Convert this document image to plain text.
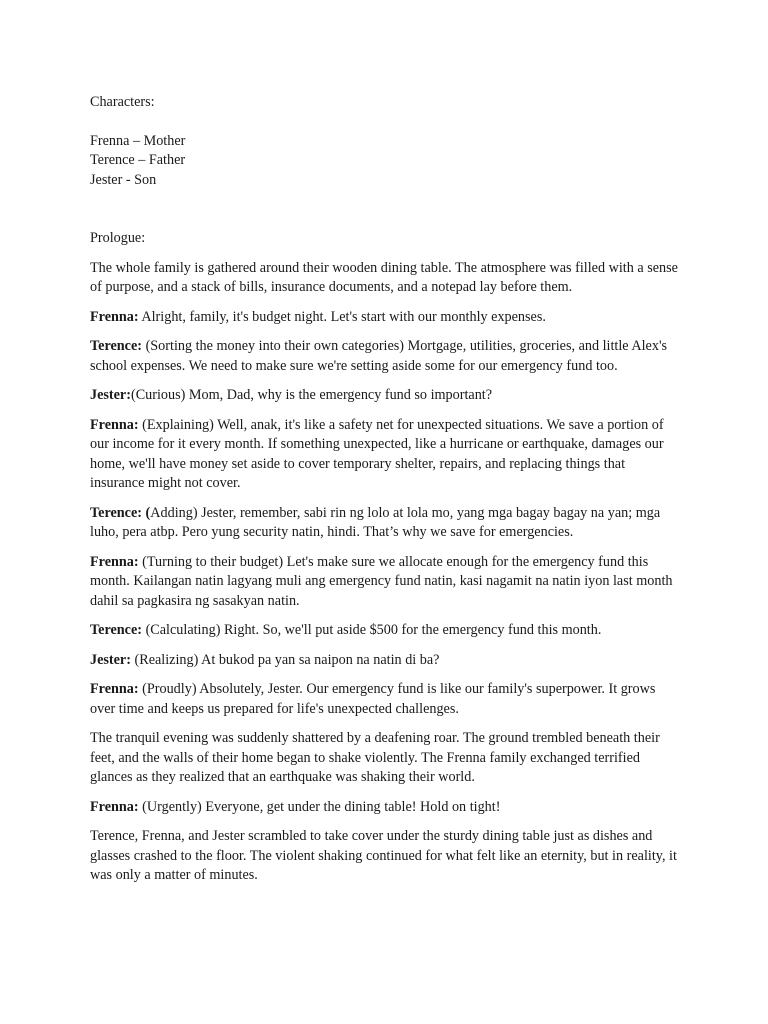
Characters:

Frenna – Mother

Terence – Father

Jester - Son

Prologue:

The whole family is gathered around their wooden dining table. The atmosphere was filled with a sense of purpose, and a stack of bills, insurance documents, and a notepad lay before them.

Frenna: Alright, family, it's budget night. Let's start with our monthly expenses.

Terence: (Sorting the money into their own categories) Mortgage, utilities, groceries, and little Alex's school expenses. We need to make sure we're setting aside some for our emergency fund too.

Jester:(Curious) Mom, Dad, why is the emergency fund so important?

Frenna: (Explaining) Well, anak, it's like a safety net for unexpected situations. We save a portion of our income for it every month. If something unexpected, like a hurricane or earthquake, damages our home, we'll have money set aside to cover temporary shelter, repairs, and replacing things that insurance might not cover.

Terence: (Adding) Jester, remember, sabi rin ng lolo at lola mo, yang mga bagay bagay na yan; mga luho, pera atbp. Pero yung security natin, hindi. That’s why we save for emergencies.

Frenna: (Turning to their budget) Let's make sure we allocate enough for the emergency fund this month. Kailangan natin lagyang muli ang emergency fund natin, kasi nagamit na natin iyon last month dahil sa pagkasira ng sasakyan natin.

Terence: (Calculating) Right. So, we'll put aside $500 for the emergency fund this month.

Jester: (Realizing) At bukod pa yan sa naipon na natin di ba?

Frenna: (Proudly) Absolutely, Jester. Our emergency fund is like our family's superpower. It grows over time and keeps us prepared for life's unexpected challenges.

The tranquil evening was suddenly shattered by a deafening roar. The ground trembled beneath their feet, and the walls of their home began to shake violently. The Frenna family exchanged terrified glances as they realized that an earthquake was shaking their world.

Frenna: (Urgently) Everyone, get under the dining table! Hold on tight!

Terence, Frenna, and Jester scrambled to take cover under the sturdy dining table just as dishes and glasses crashed to the floor. The violent shaking continued for what felt like an eternity, but in reality, it was only a matter of minutes.
